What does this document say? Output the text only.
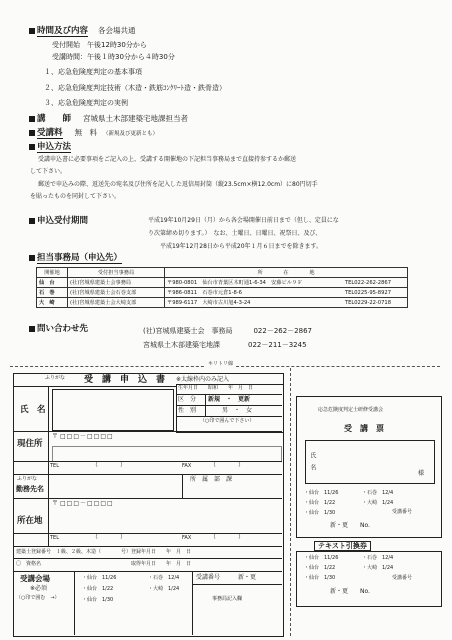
時間及び内容 各会場共通
受付開始　午後12時30分から
受講時間：午後１時30分から４時30分
１、応急危険度判定の基本事項
２、応急危険度判定技術（木造・鉄筋ｺﾝｸﾘｰﾄ造・鉄骨造）
３、応急危険度判定の実例
講　　師 宮城県土木部建築宅地課担当者
受講料 無　料 （新規及び更新とも）
申込方法
受講申込書に必要事項をご記入の上、受講する開催地の下記担当事務局まで直接持参するか郵送
して下さい。
郵送で申込みの際、返送先の宛名及び住所を記入した返信用封筒（縦23.5cm×横12.0cm）に80円切手
を貼ったものを同封して下さい。
申込受付期間	平成19年10月29日（月）から各会場開催日前日まで（但し、定員にな
り次第締め切ります。）　なお、土曜日、日曜日、祝祭日、及び、
平成19年12月28日から平成20年１月６日までを除きます。
担当事務局（申込先）
開催地	受付担当事務局	所　　　　在　　　　地	
仙　台	(社)宮城県建築士会事務局	〒980-0801　仙台市青葉区木町通1-6-34　安藤ビル９Ｆ	TEL022-262-2867
石　巻	(社)宮城県建築士会石巻支部	〒986-0811　石巻市元倉1-8-6	TEL0225-95-8927
大　崎	(社)宮城県建築士会大崎支部	〒989-6117　大崎市古川旭4-3-24	TEL0229-22-0718
問い合わせ先	(社)宮城県建築士会　事務局　　　022－262－2867
宮城県土木部建築宅地課　　　　022－211－3245
キリトリ線
ふりがな 受　講　申　込　書 ※太線枠内のみ記入
氏　名
生年月日 昭和　　年　月　日
区　分 新規　・　更新
性　別	男　・　女
（○印で囲んで下さい）
現住所
〒 □□□－□□□□
TEL	（	）	FAX	（	）
ふりがな
勤務先名
所　属　部　課
所在地
〒 □□□－□□□□
TEL	（	）	FAX	（	）
建築士登録番号　１級、２級、木造（　　　　号）登録年月日　　年　月　日
〇　資格名　　　　　　　　　　　　　　　　　　取得年月日　　年　月　日
受講会場
※必須
（○印で囲む　→）
・仙台　11/26	・石巻　12/4
・仙台　1/22	・大崎　1/24
・仙台　1/30
受講番号	新・更
事務局記入欄
応急危険度判定士研修受講会
受　講　票
氏　名
様
・仙台　11/26	・石巻　12/4
・仙台　1/22	・大崎　1/24
・仙台　1/30	受講番号
新・更 No.
テキスト引換券
・仙台　11/26	・石巻　12/4
・仙台　1/22	・大崎　1/24
・仙台　1/30	受講番号
新・更 No.
